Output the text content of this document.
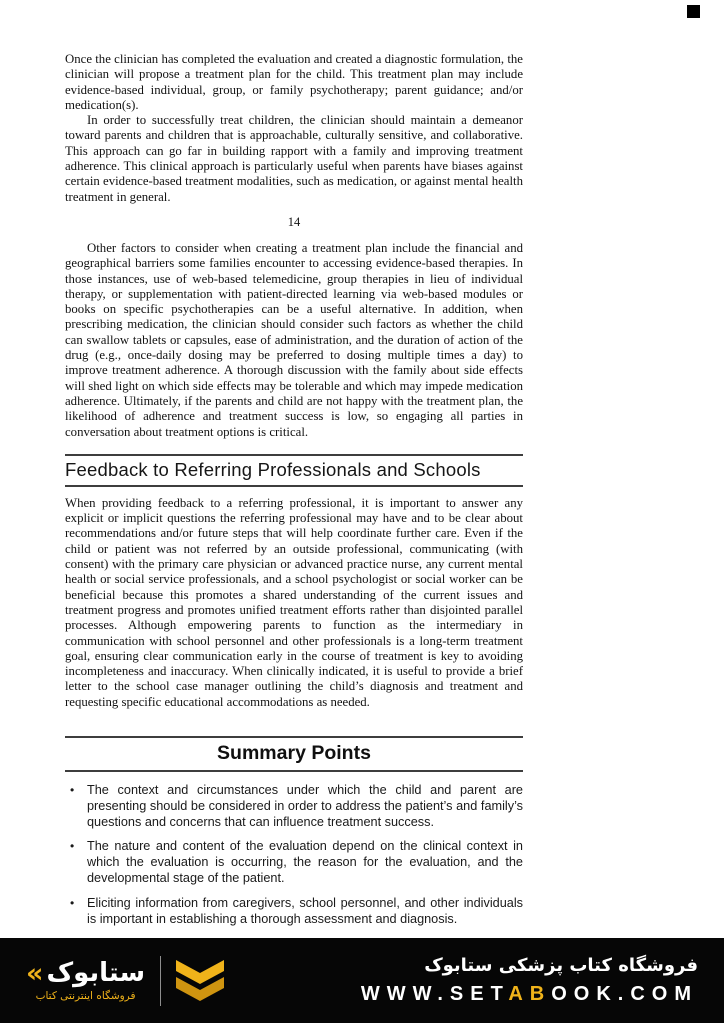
Once the clinician has completed the evaluation and created a diagnostic formulation, the clinician will propose a treatment plan for the child. This treatment plan may include evidence-based individual, group, or family psychotherapy; parent guidance; and/or medication(s).

In order to successfully treat children, the clinician should maintain a demeanor toward parents and children that is approachable, culturally sensitive, and collaborative. This approach can go far in building rapport with a family and improving treatment adherence. This clinical approach is particularly useful when parents have biases against certain evidence-based treatment modalities, such as medication, or against mental health treatment in general.

14

Other factors to consider when creating a treatment plan include the financial and geographical barriers some families encounter to accessing evidence-based therapies. In those instances, use of web-based telemedicine, group therapies in lieu of individual therapy, or supplementation with patient-directed learning via web-based modules or books on specific psychotherapies can be a useful alternative. In addition, when prescribing medication, the clinician should consider such factors as whether the child can swallow tablets or capsules, ease of administration, and the duration of action of the drug (e.g., once-daily dosing may be preferred to dosing multiple times a day) to improve treatment adherence. A thorough discussion with the family about side effects will shed light on which side effects may be tolerable and which may impede medication adherence. Ultimately, if the parents and child are not happy with the treatment plan, the likelihood of adherence and treatment success is low, so engaging all parties in conversation about treatment options is critical.

Feedback to Referring Professionals and Schools

When providing feedback to a referring professional, it is important to answer any explicit or implicit questions the referring professional may have and to be clear about recommendations and/or future steps that will help coordinate further care. Even if the child or patient was not referred by an outside professional, communicating (with consent) with the primary care physician or advanced practice nurse, any current mental health or social service professionals, and a school psychologist or social worker can be beneficial because this promotes a shared understanding of the current issues and treatment progress and promotes unified treatment efforts rather than disjointed parallel processes. Although empowering parents to function as the intermediary in communication with school personnel and other professionals is a long-term treatment goal, ensuring clear communication early in the course of treatment is key to avoiding incompleteness and inaccuracy. When clinically indicated, it is useful to provide a brief letter to the school case manager outlining the child’s diagnosis and treatment and requesting specific educational accommodations as needed.

Summary Points
•	The context and circumstances under which the child and parent are presenting should be considered in order to address the patient’s and family’s questions and concerns that can influence treatment success.
•	The nature and content of the evaluation depend on the clinical context in which the evaluation is occurring, the reason for the evaluation, and the developmental stage of the patient.
•	Eliciting information from caregivers, school personnel, and other individuals is important in establishing a thorough assessment and diagnosis.
« ستابوک
فروشگاه اینترنتی کتاب
فروشگاه کتاب پزشکی ستابوک
WWW.SETABOOK.COM
